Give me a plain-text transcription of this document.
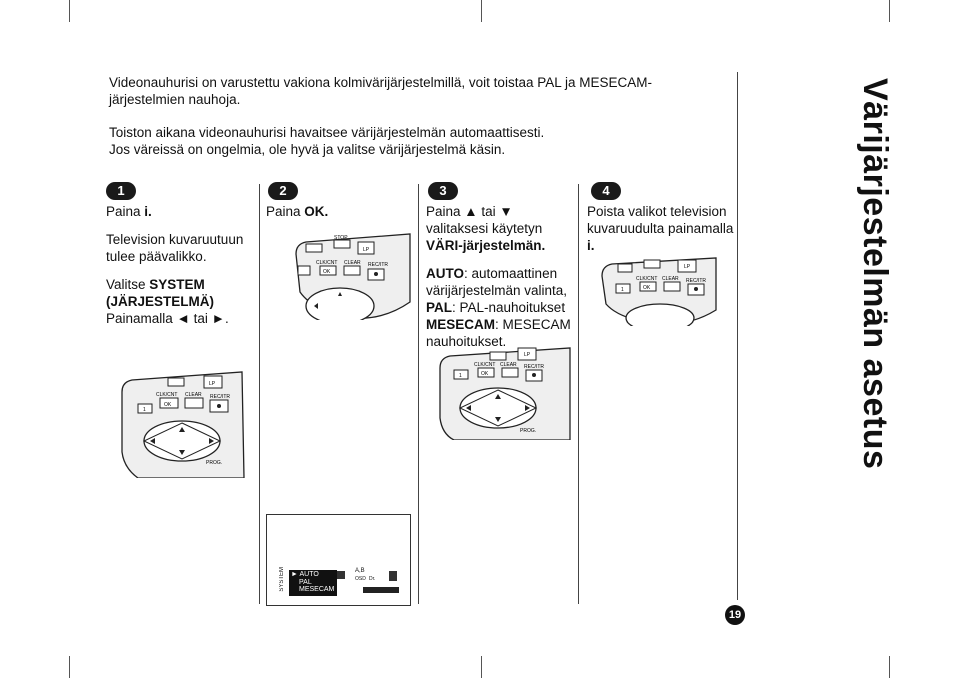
Videonauhurisi on varustettu vakiona kolmivärijärjestelmillä, voit toistaa PAL ja MESECAM- järjestelmien nauhoja.

Toiston aikana videonauhurisi havaitsee värijärjestelmän automaattisesti.

Jos väreissä on ongelmia, ole hyvä ja valitse värijärjestelmä käsin.

1	2	3	4

Paina i.

Television kuvaruutuun tulee päävalikko.

Valitse SYSTEM (JÄRJESTELMÄ)
Painamalla ◄ tai ►.

Paina OK.	Paina ▲ tai ▼ valitaksesi käytetyn VÄRI-järjestelmän.

AUTO: automaattinen värijärjestelmän valinta,
PAL: PAL-nauhoitukset
MESECAM: MESECAM nauhoitukset.

Poista valikot television kuvaruudulta painamalla i.

LP
CLK/CNT CLEAR REC/ITR
1
OK
PROG.
STOP
LP
CLK/CNT CLEAR REC/ITR
OK
LP
CLK/CNT CLEAR REC/ITR
1	OK
PROG.
LP
CLK/CNT CLEAR REC/ITR
1	OK
SYSTEM ► AUTO
PAL
MESECAM
A,B
OSD Dr.
Värijärjestelmän asetus
19
